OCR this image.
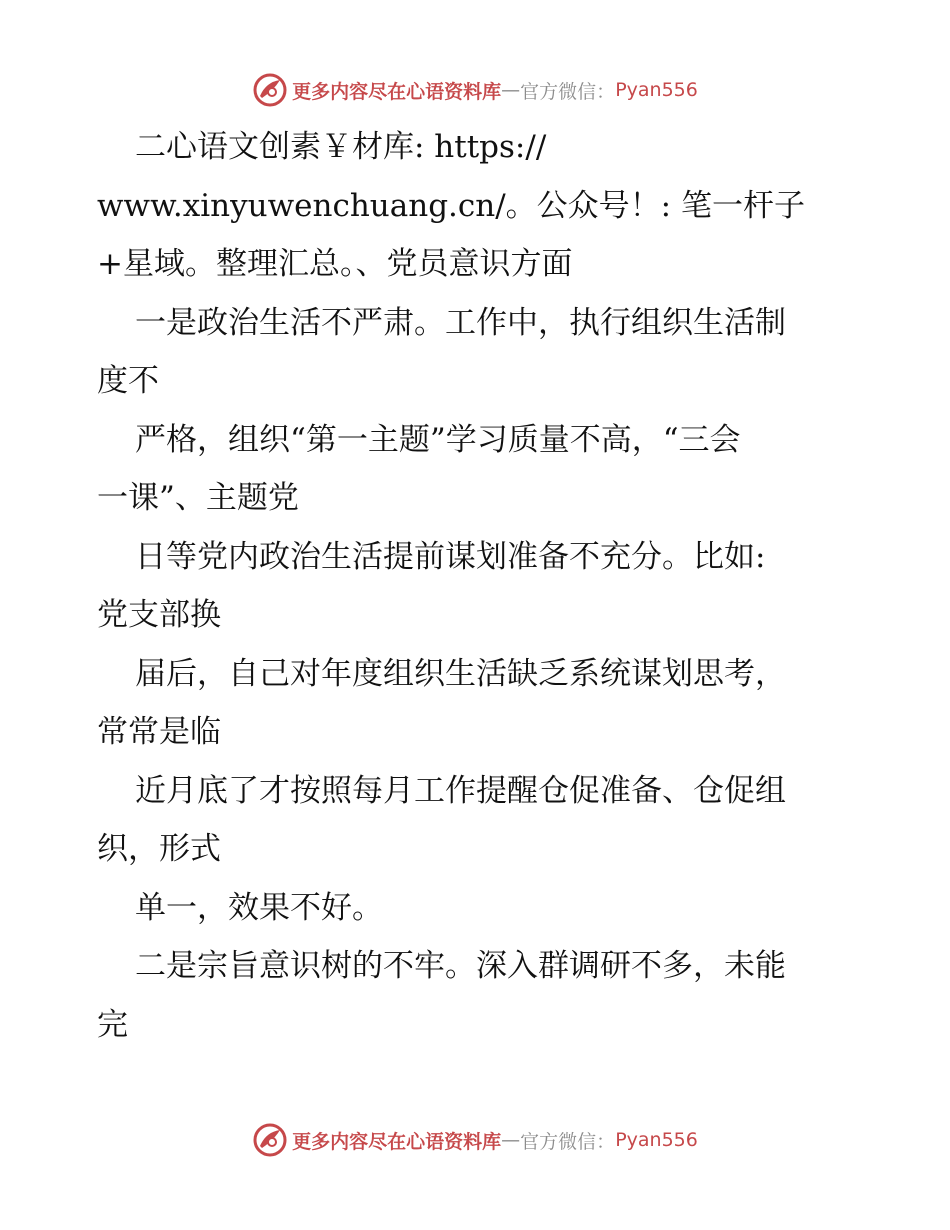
更多内容尽在心语资料库 — 官方微信： Pyan556
二心语文创素￥材库: https://
www.xinyuwenchuang.cn/。公众号！: 笔一杆子
+星域。整理汇总。、党员意识方面
一是政治生活不严肃。工作中，执行组织生活制
度不
严格，组织“第一主题”学习质量不高，“三会
一课”、主题党
日等党内政治生活提前谋划准备不充分。比如:
党支部换
届后，自己对年度组织生活缺乏系统谋划思考，
常常是临
近月底了才按照每月工作提醒仓促准备、仓促组
织，形式
单一，效果不好。
二是宗旨意识树的不牢。深入群调研不多，未能
完
更多内容尽在心语资料库 — 官方微信： Pyan556
